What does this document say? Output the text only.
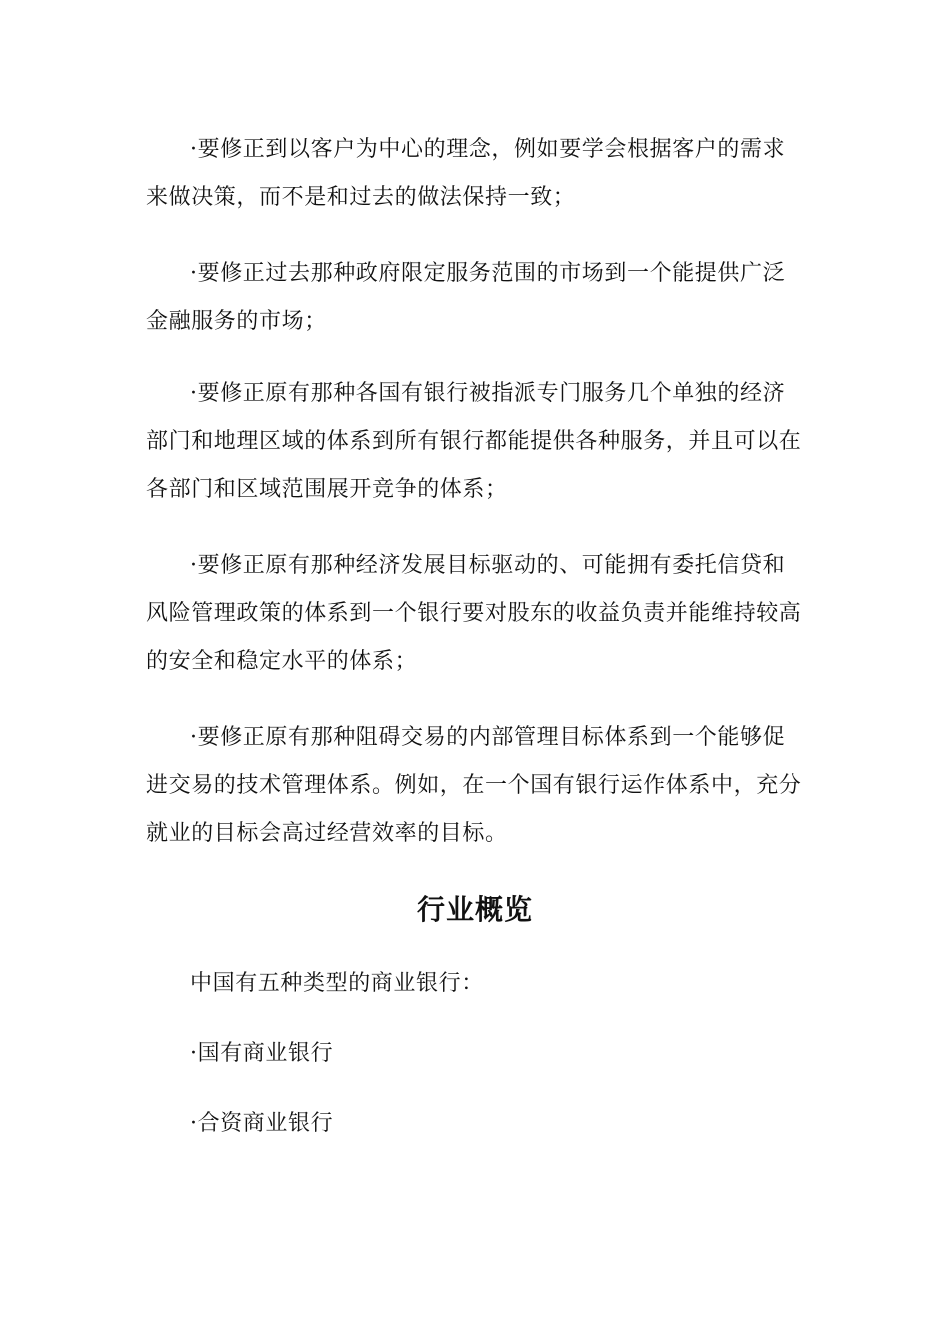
·要修正到以客户为中心的理念，例如要学会根据客户的需求来做决策，而不是和过去的做法保持一致；

·要修正过去那种政府限定服务范围的市场到一个能提供广泛金融服务的市场；

·要修正原有那种各国有银行被指派专门服务几个单独的经济部门和地理区域的体系到所有银行都能提供各种服务，并且可以在各部门和区域范围展开竞争的体系；

·要修正原有那种经济发展目标驱动的、可能拥有委托信贷和风险管理政策的体系到一个银行要对股东的收益负责并能维持较高的安全和稳定水平的体系；

·要修正原有那种阻碍交易的内部管理目标体系到一个能够促进交易的技术管理体系。例如，在一个国有银行运作体系中，充分就业的目标会高过经营效率的目标。

行业概览

中国有五种类型的商业银行：

·国有商业银行

·合资商业银行
